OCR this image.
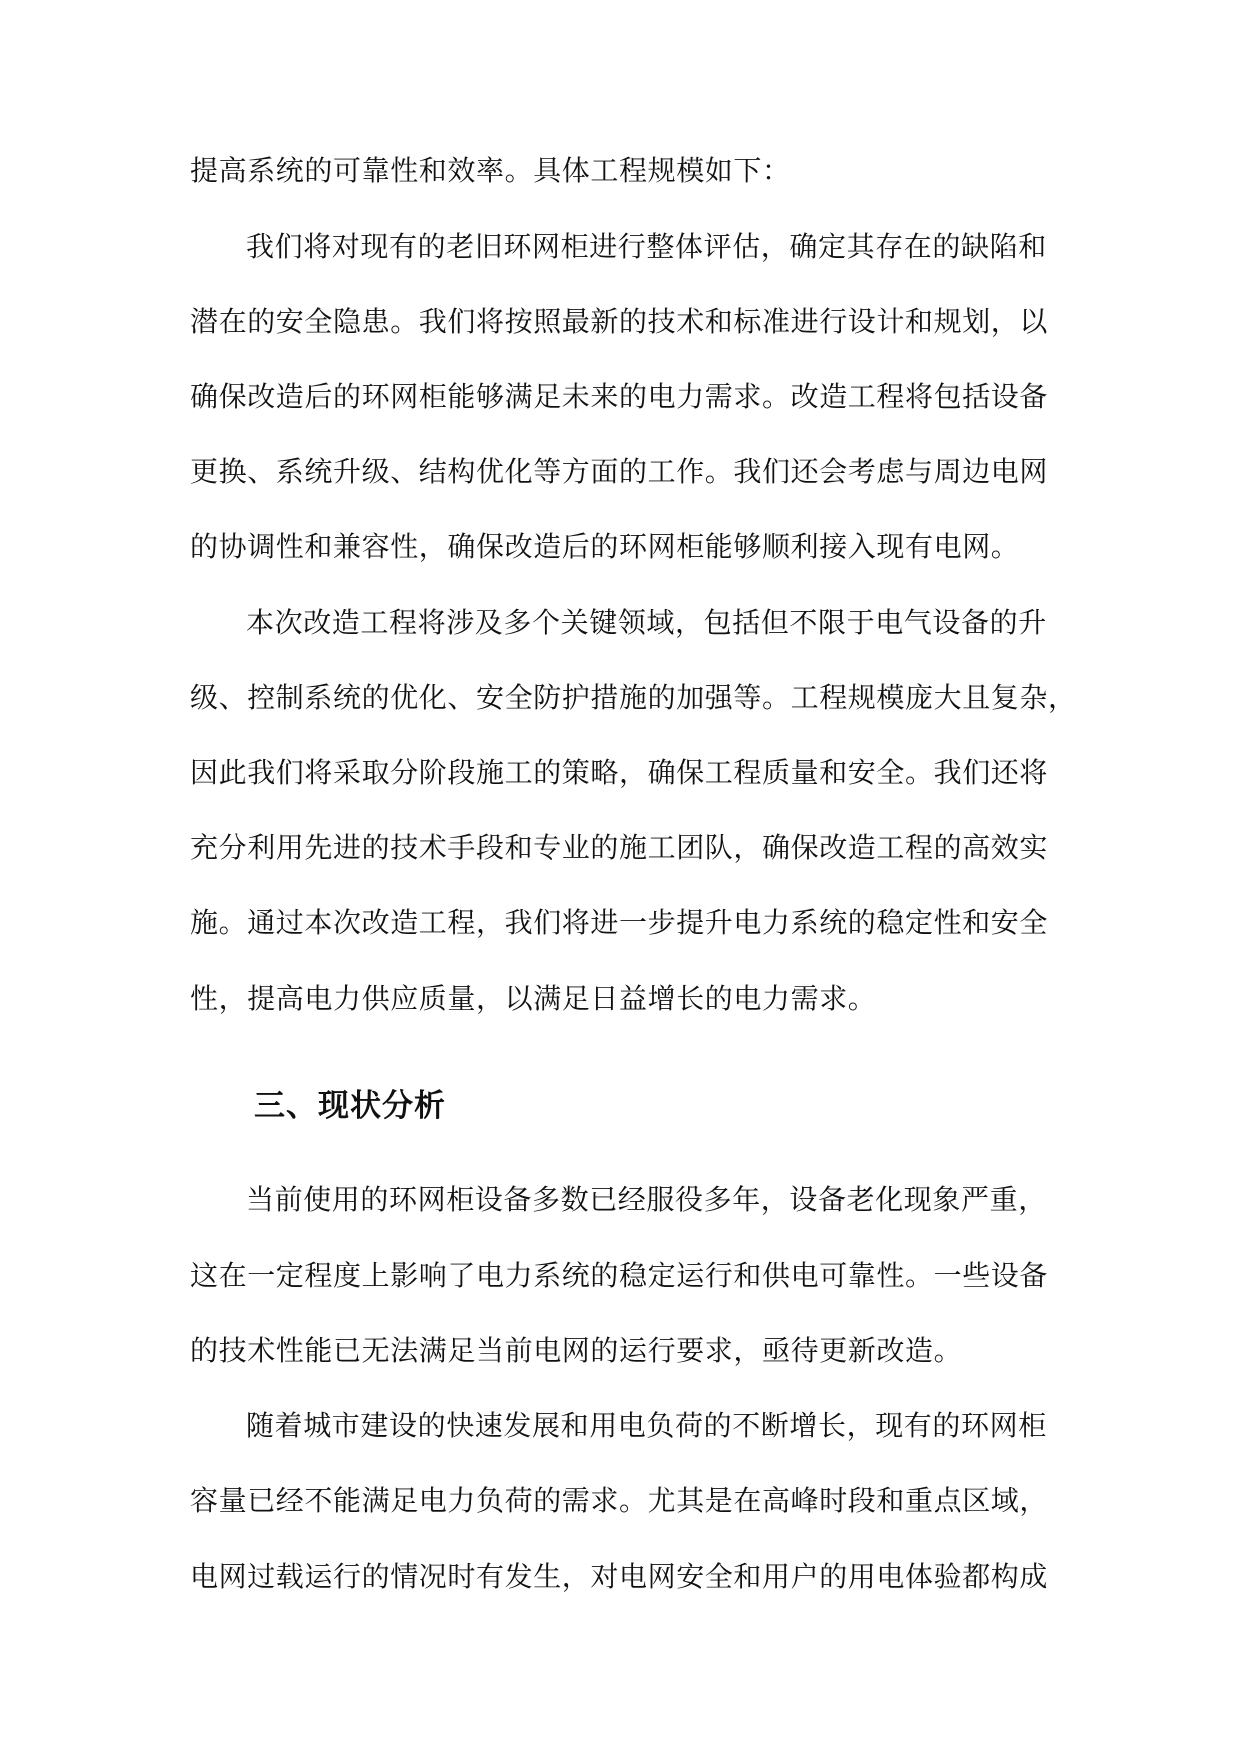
提高系统的可靠性和效率。具体工程规模如下：
我们将对现有的老旧环网柜进行整体评估，确定其存在的缺陷和
潜在的安全隐患。我们将按照最新的技术和标准进行设计和规划，以
确保改造后的环网柜能够满足未来的电力需求。改造工程将包括设备
更换、系统升级、结构优化等方面的工作。我们还会考虑与周边电网
的协调性和兼容性，确保改造后的环网柜能够顺利接入现有电网。
本次改造工程将涉及多个关键领域，包括但不限于电气设备的升
级、控制系统的优化、安全防护措施的加强等。工程规模庞大且复杂，
因此我们将采取分阶段施工的策略，确保工程质量和安全。我们还将
充分利用先进的技术手段和专业的施工团队，确保改造工程的高效实
施。通过本次改造工程，我们将进一步提升电力系统的稳定性和安全
性，提高电力供应质量，以满足日益增长的电力需求。
三、现状分析
当前使用的环网柜设备多数已经服役多年，设备老化现象严重，
这在一定程度上影响了电力系统的稳定运行和供电可靠性。一些设备
的技术性能已无法满足当前电网的运行要求，亟待更新改造。
随着城市建设的快速发展和用电负荷的不断增长，现有的环网柜
容量已经不能满足电力负荷的需求。尤其是在高峰时段和重点区域，
电网过载运行的情况时有发生，对电网安全和用户的用电体验都构成
